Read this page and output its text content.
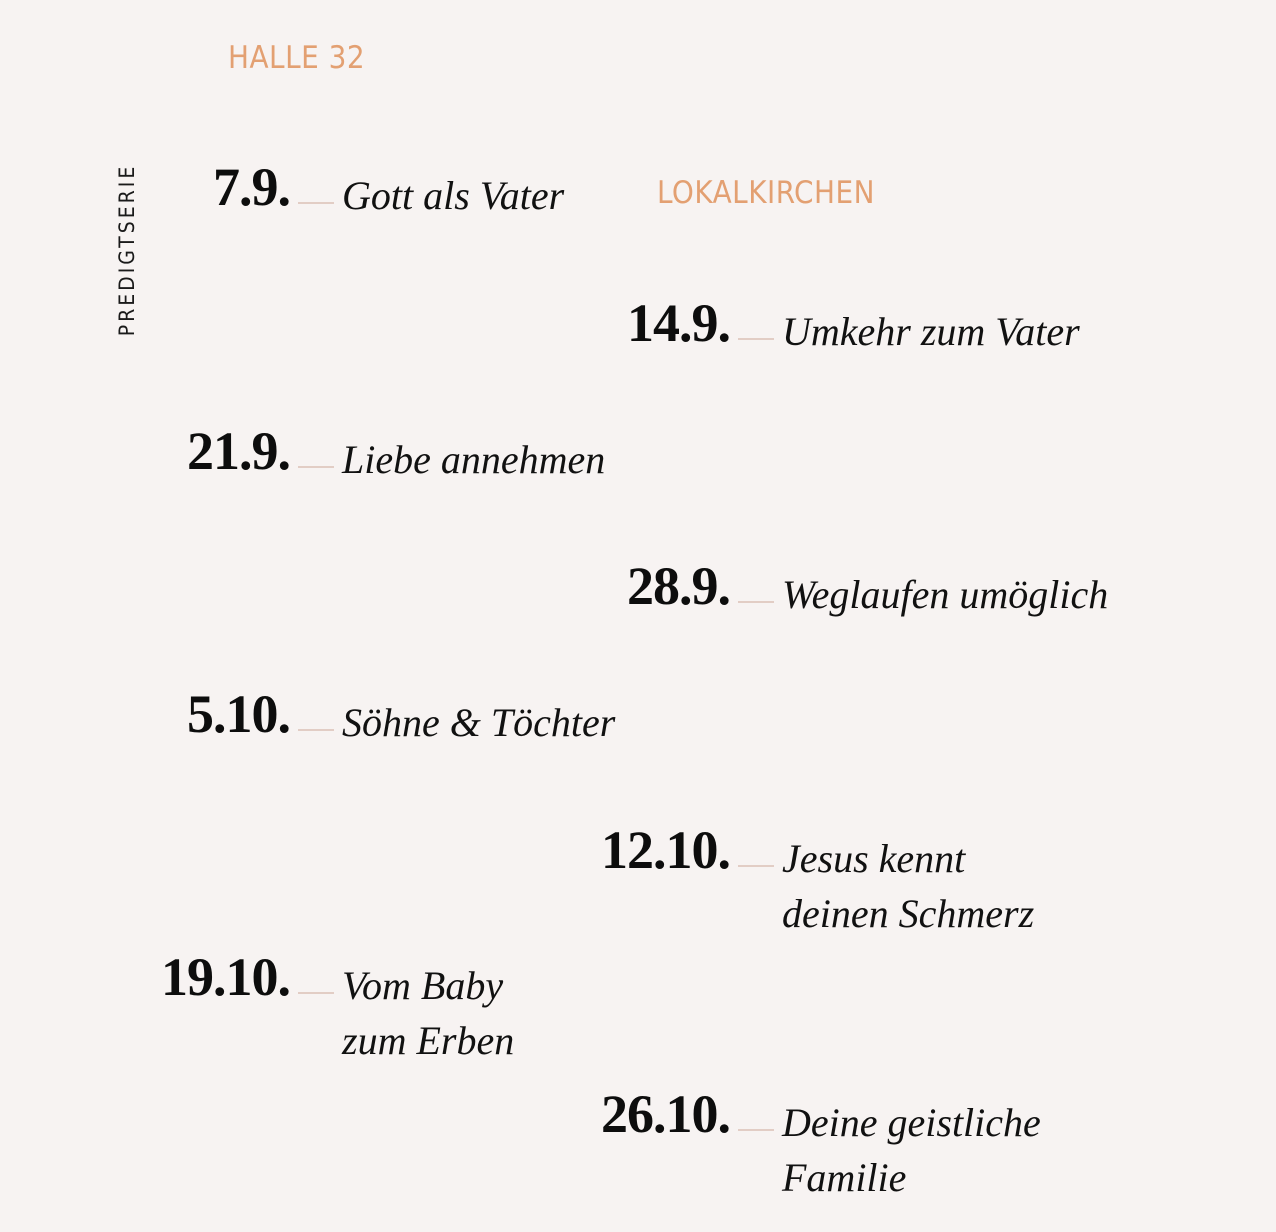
PREDIGTSERIE
HALLE 32
LOKALKIRCHEN
7.9. Gott als Vater
14.9. Umkehr zum Vater
21.9. Liebe annehmen
28.9. Weglaufen umöglich
5.10. Söhne & Töchter
12.10. Jesus kennt
deinen Schmerz
19.10. Vom Baby
zum Erben
26.10. Deine geistliche
Familie
